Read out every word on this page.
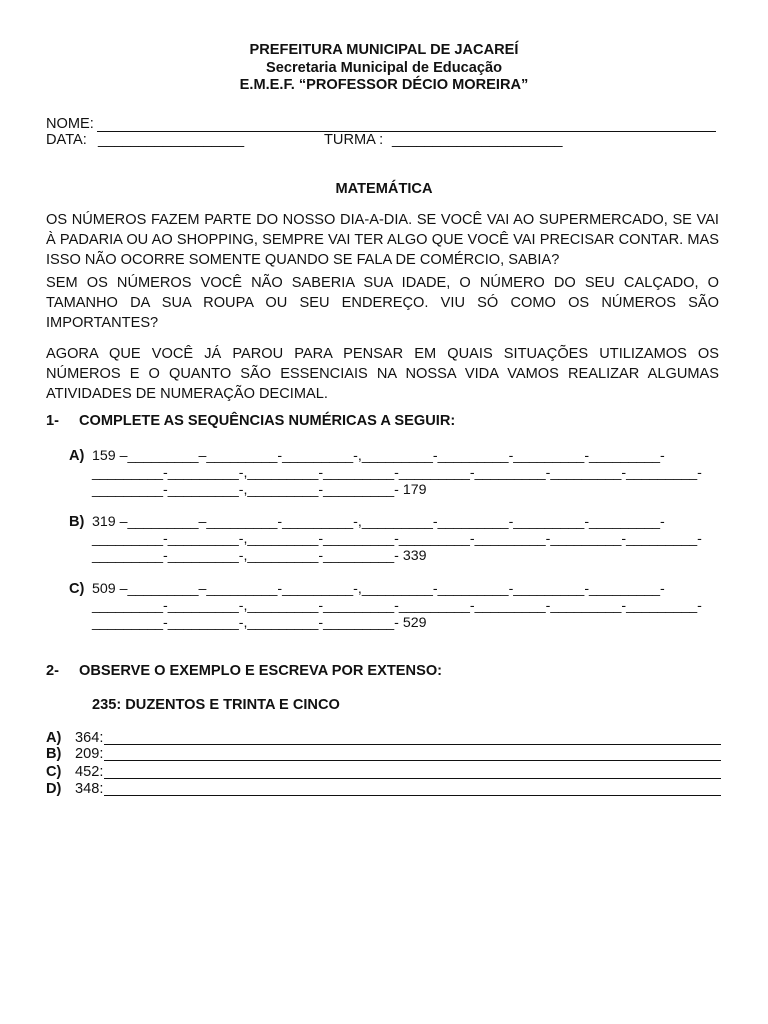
PREFEITURA MUNICIPAL DE JACAREÍ
Secretaria Municipal de Educação
E.M.E.F. “PROFESSOR DÉCIO MOREIRA”
NOME:
DATA: __________________	TURMA : _____________________
MATEMÁTICA
OS NÚMEROS FAZEM PARTE DO NOSSO DIA-A-DIA. SE VOCÊ VAI AO SUPERMERCADO, SE VAI À PADARIA OU AO SHOPPING, SEMPRE VAI TER ALGO QUE VOCÊ VAI PRECISAR CONTAR. MAS ISSO NÃO OCORRE SOMENTE QUANDO SE FALA DE COMÉRCIO, SABIA?
SEM OS NÚMEROS VOCÊ NÃO SABERIA SUA IDADE, O NÚMERO DO SEU CALÇADO, O TAMANHO DA SUA ROUPA OU SEU ENDEREÇO. VIU SÓ COMO OS NÚMEROS SÃO IMPORTANTES?
AGORA QUE VOCÊ JÁ PAROU PARA PENSAR EM QUAIS SITUAÇÕES UTILIZAMOS OS NÚMEROS E O QUANTO SÃO ESSENCIAIS NA NOSSA VIDA VAMOS REALIZAR ALGUMAS ATIVIDADES DE NUMERAÇÃO DECIMAL.
1- COMPLETE AS SEQUÊNCIAS NUMÉRICAS A SEGUIR:
A) 159 –_________–_________-_________-,_________-_________-_________-_________-
_________-_________-,_________-_________-_________-_________-_________-_________-
_________-_________-,_________-_________- 179
B) 319 –_________–_________-_________-,_________-_________-_________-_________-
_________-_________-,_________-_________-_________-_________-_________-_________-
_________-_________-,_________-_________- 339
C) 509 –_________–_________-_________-,_________-_________-_________-_________-
_________-_________-,_________-_________-_________-_________-_________-_________-
_________-_________-,_________-_________- 529
2- OBSERVE O EXEMPLO E ESCREVA POR EXTENSO:
235: DUZENTOS E TRINTA E CINCO
A) 364:
B) 209:
C) 452:
D) 348:
